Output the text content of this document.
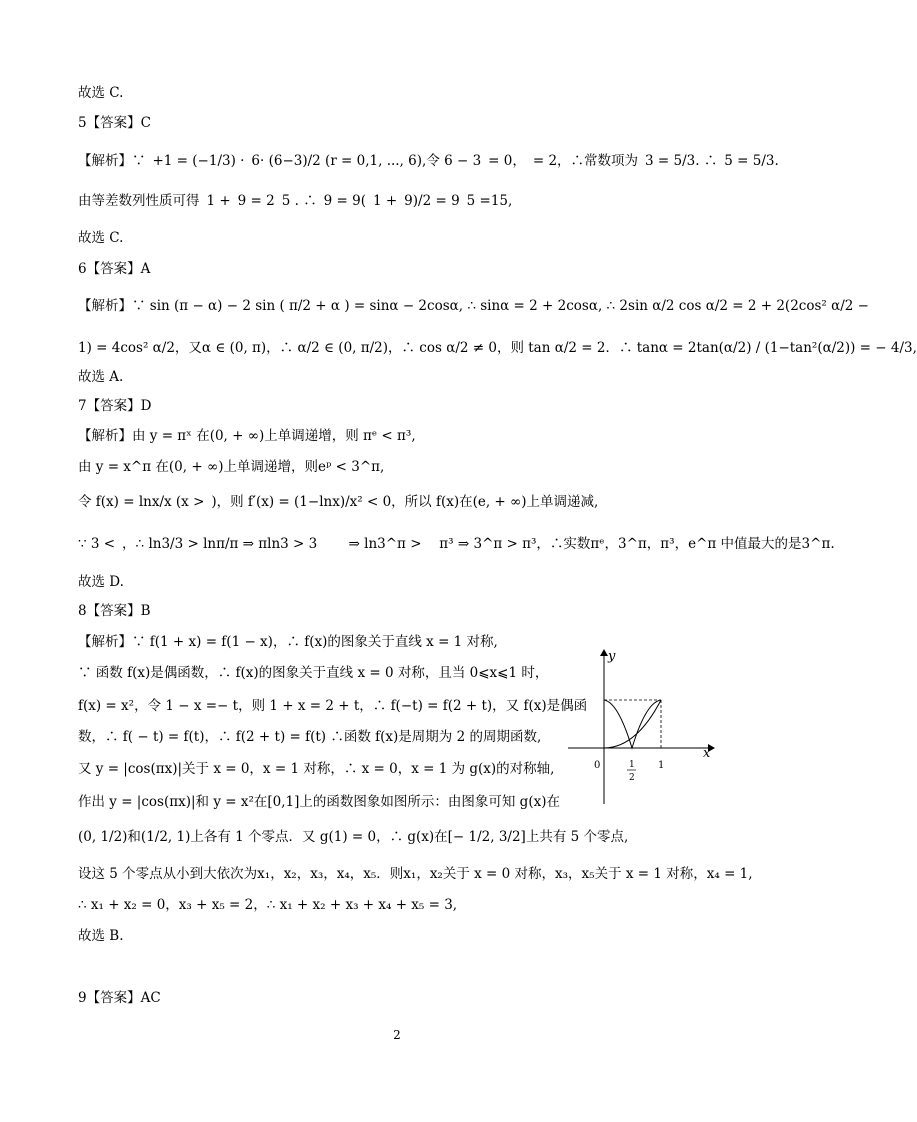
故选 C.
5【答案】C
【解析】∵  +1 = (−1/3) ·  6· (6−3)/2 (r = 0,1, ..., 6),令 6 − 3  = 0，  = 2，∴常数项为  3 = 5/3. ∴  5 = 5/3.
由等差数列性质可得  1 +  9 = 2  5 . ∴  9 = 9(  1 +  9)/2 = 9  5 =15,
故选 C.
6【答案】A
【解析】∵ sin (π − α) − 2 sin ( π/2 + α ) = sinα − 2cosα, ∴ sinα = 2 + 2cosα, ∴ 2sin α/2 cos α/2 = 2 + 2(2cos² α/2 −
1) = 4cos² α/2，又α ∈ (0, π)，∴ α/2 ∈ (0, π/2)，∴ cos α/2 ≠ 0，则 tan α/2 = 2．∴ tanα = 2tan(α/2) / (1−tan²(α/2)) = − 4/3,
故选 A.
7【答案】D
【解析】由 y = πˣ 在(0, + ∞)上单调递增，则 πᵉ < π³,
由 y = x^π 在(0, + ∞)上单调递增，则eᵖ < 3^π,
令 f(x) = lnx/x (x >  )，则 f′(x) = (1−lnx)/x² < 0，所以 f(x)在(e, + ∞)上单调递减,
∵ 3 <  ，∴ ln3/3 > lnπ/π ⇒ πln3 > 3   ⇒ ln3^π >  π³ ⇒ 3^π > π³，∴实数πᵉ，3^π，π³，e^π 中值最大的是3^π.
故选 D.
8【答案】B
【解析】∵ f(1 + x) = f(1 − x)，∴ f(x)的图象关于直线 x = 1 对称,
∵ 函数 f(x)是偶函数，∴ f(x)的图象关于直线 x = 0 对称，且当 0⩽x⩽1 时，
f(x) = x²，令 1 − x =− t，则 1 + x = 2 + t，∴ f(−t) = f(2 + t)，又 f(x)是偶函
数，∴ f( − t) = f(t)，∴ f(2 + t) = f(t) ∴函数 f(x)是周期为 2 的周期函数,
又 y = |cos(πx)|关于 x = 0，x = 1 对称，∴ x = 0，x = 1 为 g(x)的对称轴,
作出 y = |cos(πx)|和 y = x²在[0,1]上的函数图象如图所示：由图象可知 g(x)在
(0, 1/2)和(1/2, 1)上各有 1 个零点．又 g(1) = 0，∴ g(x)在[− 1/2, 3/2]上共有 5 个零点,
设这 5 个零点从小到大依次为x₁，x₂，x₃，x₄，x₅．则x₁，x₂关于 x = 0 对称，x₃，x₅关于 x = 1 对称，x₄ = 1,
∴ x₁ + x₂ = 0，x₃ + x₅ = 2，∴ x₁ + x₂ + x₃ + x₄ + x₅ = 3,
故选 B.
9【答案】AC
y
x
0	1
2
1
2
